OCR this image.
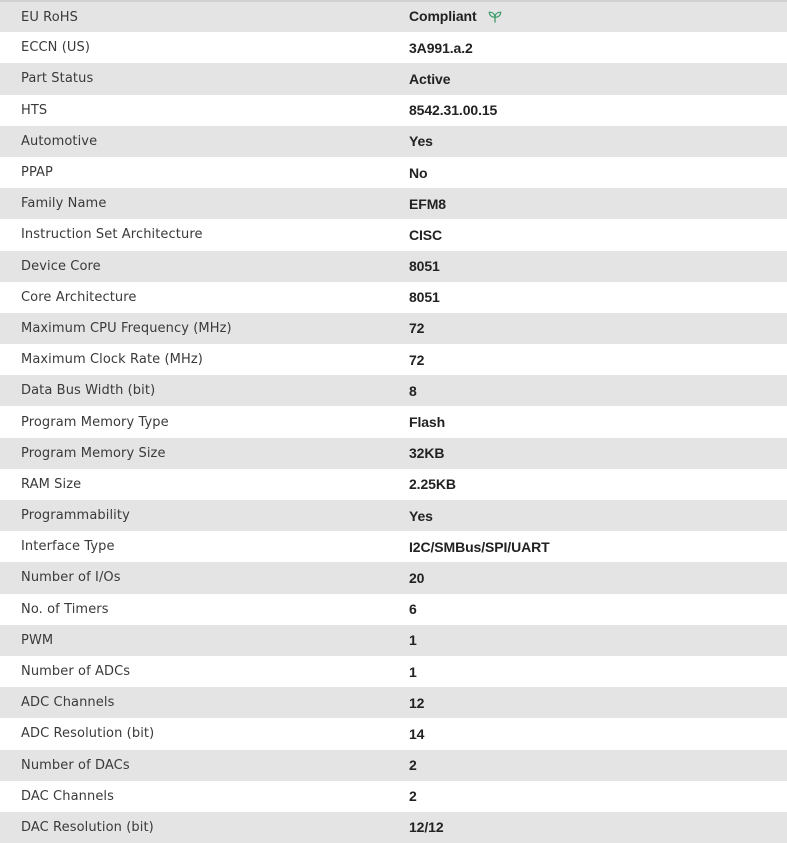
EU RoHS	Compliant
ECCN (US)	3A991.a.2
Part Status	Active
HTS	8542.31.00.15
Automotive	Yes
PPAP	No
Family Name	EFM8
Instruction Set Architecture	CISC
Device Core	8051
Core Architecture	8051
Maximum CPU Frequency (MHz)	72
Maximum Clock Rate (MHz)	72
Data Bus Width (bit)	8
Program Memory Type	Flash
Program Memory Size	32KB
RAM Size	2.25KB
Programmability	Yes
Interface Type	I2C/SMBus/SPI/UART
Number of I/Os	20
No. of Timers	6
PWM	1
Number of ADCs	1
ADC Channels	12
ADC Resolution (bit)	14
Number of DACs	2
DAC Channels	2
DAC Resolution (bit)	12/12
